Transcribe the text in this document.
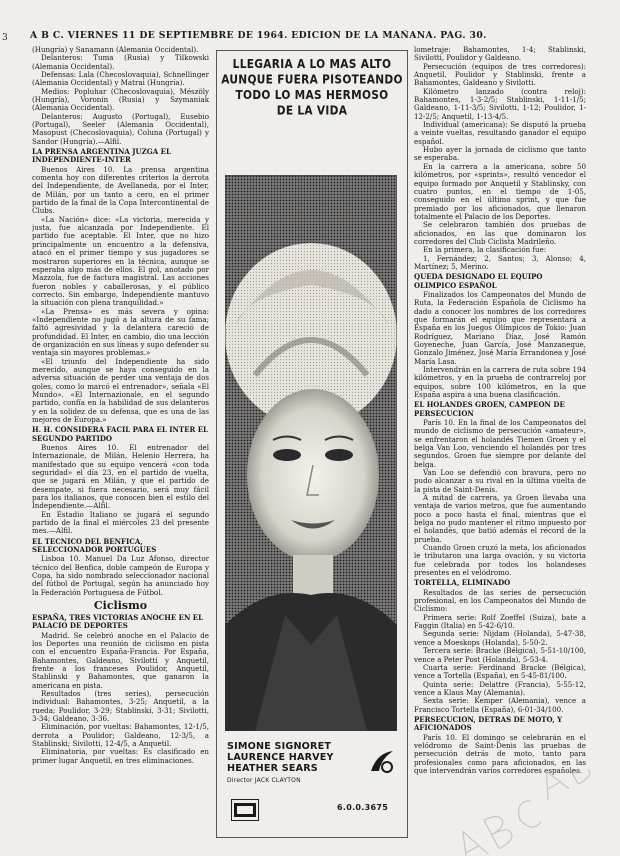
3 A B C. VIERNES 11 DE SEPTIEMBRE DE 1964. EDICION DE LA MAÑANA. PAG. 30.

(Hungría) y Sanamann (Alemania Occidental).

Delanteros: Tuma (Rusia) y Tilkowski (Alemania Occidental).

Defensas: Lala (Checoslovaquia), Schnellinger (Alemania Occidental) y Matrai (Hungría).

Medios: Popluhar (Checoslovaquia), Mészöly (Hungría), Voronin (Rusia) y Szymaniak (Alemania Occidental).

Delanteros: Augusto (Portugal), Eusebio (Portugal), Seeler (Alemania Occidental), Masopust (Checoslovaquia), Coluna (Portugal) y Sandor (Hungría).—Alfil.

LA PRENSA ARGENTINA JUZGA EL INDEPENDIENTE-INTER

Buenos Aires 10. La prensa argentina comenta hoy con diferentes criterios la derrota del Independiente, de Avellaneda, por el Inter, de Milán, por un tanto a cero, en el primer partido de la final de la Copa Intercontinental de Clubs.

«La Nación» dice: «La victoria, merecida y justa, fue alcanzada por Independiente. El partido fue aceptable. El Inter, que no hizo principalmente un encuentro a la defensiva, atacó en el primer tiempo y sus jugadores se mostraron superiores en la técnica, aunque se esperaba algo más de ellos. El gol, anotado por Mazzola, fue de factura magistral. Las acciones fueron nobles y caballerosas, y el público correcto. Sin embargo, Independiente mantuvo la situación con plena tranquilidad.»

«La Prensa» es más severa y opina: «Independiente no jugó a la altura de su fama; faltó agresividad y la delantera careció de profundidad. El Inter, en cambio, dio una lección de organización en sus líneas y supo defender su ventaja sin mayores problemas.»

«El triunfo del Independiente ha sido merecido, aunque se haya conseguido en la adversa situación de perder una ventaja de dos goles, como lo marcó el entrenador», señala «El Mundo». «El Internazionale, en el segundo partido, confía en la habilidad de sus delanteros y en la solidez de su defensa, que es una de las mejores de Europa.»

H. H. CONSIDERA FACIL PARA EL INTER EL SEGUNDO PARTIDO

Buenos Aires 10. El entrenador del Internazionale, de Milán, Helenio Herrera, ha manifestado que su equipo vencerá «con toda seguridad» el día 23, en el partido de vuelta, que se jugará en Milán, y que el partido de desempate, si fuera necesario, será muy fácil para los italianos, que conocen bien el estilo del Independiente.—Alfil.

En Estadio Italiano se jugará el segundo partido de la final el miércoles 23 del presente mes.—Alfil.

EL TECNICO DEL BENFICA, SELECCIONADOR PORTUGUES

Lisboa 10. Manuel Da Luz Afonso, director técnico del Benfica, doble campeón de Europa y Copa, ha sido nombrado seleccionador nacional del fútbol de Portugal, según ha anunciado hoy la Federación Portuguesa de Fútbol.

Ciclismo
ESPAÑA, TRES VICTORIAS ANOCHE EN EL PALACIO DE DEPORTES

Madrid. Se celebró anoche en el Palacio de los Deportes una reunión de ciclismo en pista con el encuentro España-Francia. Por España, Bahamontes, Galdeano, Sivilotti y Anquetil, frente a los franceses Poulidor, Anquetil, Stablinski y Bahamontes, que ganaron la americana en pista.

Resultados (tres series), persecución individual: Bahamontes, 3-25; Anquetil, a la rueda; Poulidor, 3-29; Stablinski, 3-31; Sivilotti, 3-34; Galdeano, 3-36.

Eliminación, por vueltas: Bahamontes, 12-1/5, derrota a Poulidor; Galdeano, 12-3/5, a Stablinski; Sivilotti, 12-4/5, a Anquetil.

Eliminatoria, por vueltas: Es clasificado en primer lugar Anquetil, en tres eliminaciones.

LLEGARIA A LO MAS ALTO
AUNQUE FUERA PISOTEANDO
TODO LO MAS HERMOSO
DE LA VIDA
SIMONE SIGNORET
LAURENCE HARVEY
HEATHER SEARS
Director JACK CLAYTON
6.0.0.3675

lometraje: Bahamontes, 1-4; Stablinski, Sivilotti, Poulidor y Galdeano.

Persecución (equipos de tres corredores): Anquetil, Poulidor y Stablinski, frente a Bahamontes, Galdeano y Sivilotti.

Kilómetro lanzado (contra reloj): Bahamontes, 1-3-2/5; Stablinski, 1-11-1/5; Galdeano, 1-11-3/5; Sivilotti, 1-12; Poulidor, 1-12-2/5; Anquetil, 1-13-4/5.

Individual (americana): Se disputó la prueba a veinte vueltas, resultando ganador el equipo español.

Hubo ayer la jornada de ciclismo que tanto se esperaba.

En la carrera a la americana, sobre 50 kilómetros, por «sprints», resultó vencedor el equipo formado por Anquetil y Stablinsky, con cuatro puntos, en el tiempo de 1-05, conseguido en el último sprint, y que fue premiado por los aficionados, que llenaron totalmente el Palacio de los Deportes.

Se celebraron también dos pruebas de aficionados, en las que dominaron los corredores del Club Ciclista Madrileño.

En la primera, la clasificación fue:

1, Fernández; 2, Santos; 3, Alonso; 4, Martínez; 5, Merino.

QUEDA DESIGNADO EL EQUIPO OLIMPICO ESPAÑOL

Finalizados los Campeonatos del Mundo de Ruta, la Federación Española de Ciclismo ha dado a conocer los nombres de los corredores que formarán el equipo que representará a España en los Juegos Olímpicos de Tokio: Juan Rodríguez, Mariano Díaz, José Ramón Goyeneche, Juan García, José Manzaneque, Gonzalo Jiménez, José María Errandonea y José María Lasa.

Intervendrán en la carrera de ruta sobre 194 kilómetros, y en la prueba de contrarreloj por equipos, sobre 100 kilómetros, en la que España aspira a una buena clasificación.

EL HOLANDES GROEN, CAMPEON DE PERSECUCION

París 10. En la final de los Campeonatos del mundo de ciclismo de persecución «amateur», se enfrentaron el holandés Tiemen Groen y el belga Van Loo, venciendo el holandés por tres segundos. Groen fue siempre por delante del belga.

Van Loo se defendió con bravura, pero no pudo alcanzar a su rival en la última vuelta de la pista de Saint-Denis.

A mitad de carrera, ya Groen llevaba una ventaja de varios metros, que fue aumentando poco a poco hasta el final, mientras que el belga no pudo mantener el ritmo impuesto por el holandés, que batió además el récord de la prueba.

Cuando Groen cruzó la meta, los aficionados le tributaron una larga ovación, y su victoria fue celebrada por todos los holandeses presentes en el velódromo.

TORTELLA, ELIMINADO

Resultados de las series de persecución profesional, en los Campeonatos del Mundo de Ciclismo:

Primera serie: Rolf Zoeffel (Suiza), bate a Faggin (Italia) en 5-42-6/10.

Segunda serie: Nijdam (Holanda), 5-47-38, vence a Moeskops (Holanda), 5-50-2.

Tercera serie: Bracke (Bélgica), 5-51-10/100, vence a Peter Post (Holanda), 5-53-4.

Cuarta serie: Ferdinand Bracke (Bélgica), vence a Tortella (España), en 5-45-81/100.

Quinta serie: Delattre (Francia), 5-55-12, vence a Klaus May (Alemania).

Sexta serie: Kemper (Alemania), vence a Francisco Tortella (España), 6-01-34/100.

PERSECUCION, DETRAS DE MOTO, Y AFICIONADOS

París 10. El domingo se celebrarán en el velódromo de Saint-Denis las pruebas de persecución detrás de moto, tanto para profesionales como para aficionados, en las que intervendrán varios corredores españoles.
